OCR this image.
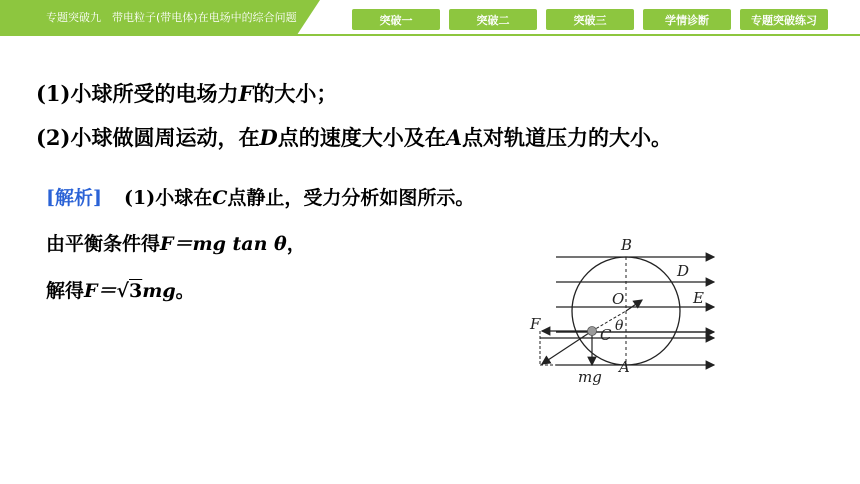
专题突破九　带电粒子(带电体)在电场中的综合问题	突破一	突破二	突破三	学情诊断	专题突破练习
(1)小球所受的电场力F的大小；
(2)小球做圆周运动，在D点的速度大小及在A点对轨道压力的大小。
[解析] (1)小球在C点静止，受力分析如图所示。
由平衡条件得F＝mg tan θ，
解得F＝√3mg。
B
D
O	E
F
C θ
A
mg
